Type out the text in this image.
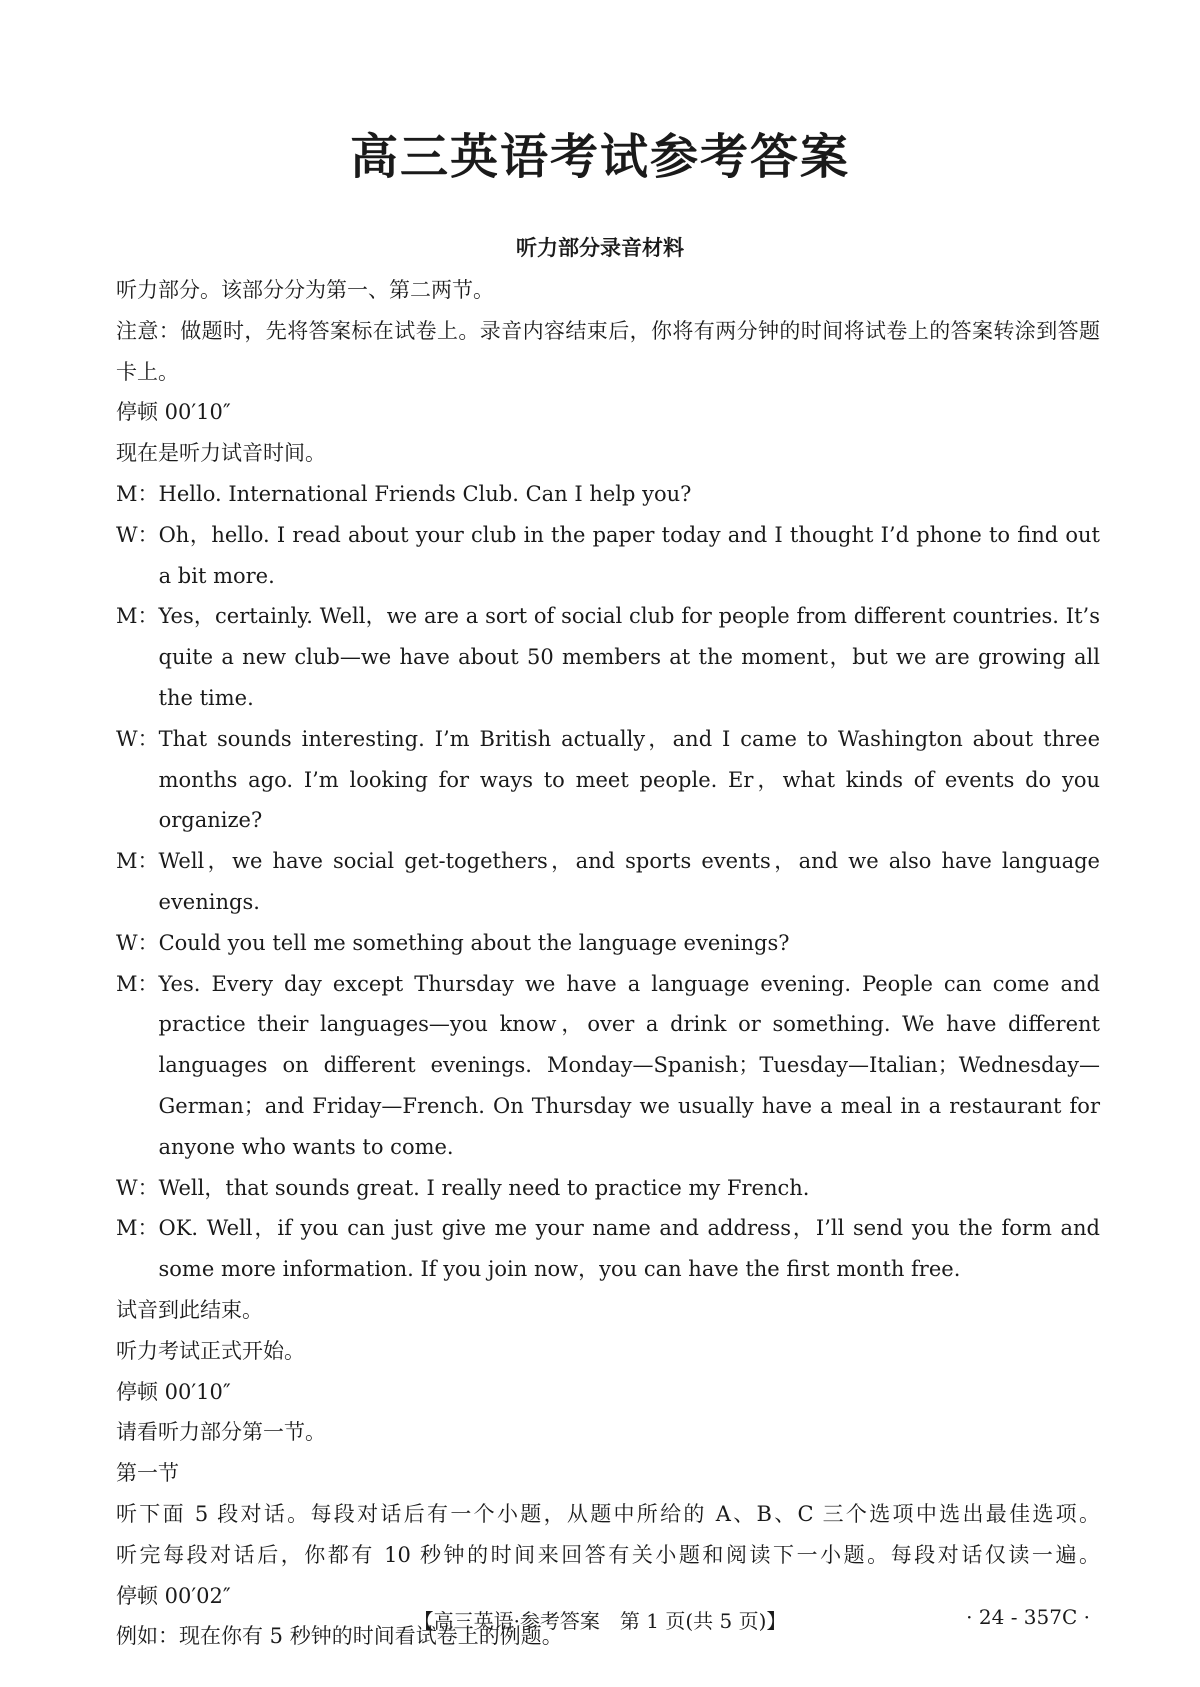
高三英语考试参考答案
听力部分录音材料
听力部分。该部分分为第一、第二两节。
注意：做题时，先将答案标在试卷上。录音内容结束后，你将有两分钟的时间将试卷上的答案转涂到答题卡上。
停顿 00′10″
现在是听力试音时间。
M： Hello. International Friends Club. Can I help you?
W： Oh，hello. I read about your club in the paper today and I thought I’d phone to find out a bit more.
M： Yes，certainly. Well，we are a sort of social club for people from different countries. It’s quite a new club—we have about 50 members at the moment，but we are growing all the time.
W： That sounds interesting. I’m British actually，and I came to Washington about three months ago. I’m looking for ways to meet people. Er，what kinds of events do you organize?
M： Well，we have social get-togethers，and sports events，and we also have language evenings.
W： Could you tell me something about the language evenings?
M： Yes. Every day except Thursday we have a language evening. People can come and practice their languages—you know，over a drink or something. We have different languages on different evenings. Monday—Spanish；Tuesday—Italian；Wednesday—German；and Friday—French. On Thursday we usually have a meal in a restaurant for anyone who wants to come.
W： Well，that sounds great. I really need to practice my French.
M： OK. Well，if you can just give me your name and address，I’ll send you the form and some more information. If you join now，you can have the first month free.
试音到此结束。
听力考试正式开始。
停顿 00′10″
请看听力部分第一节。
第一节
听下面 5 段对话。每段对话后有一个小题，从题中所给的 A、B、C 三个选项中选出最佳选项。
听完每段对话后，你都有 10 秒钟的时间来回答有关小题和阅读下一小题。每段对话仅读一遍。
停顿 00′02″
例如：现在你有 5 秒钟的时间看试卷上的例题。
【高三英语·参考答案　第 1 页(共 5 页)】	· 24 - 357C ·
